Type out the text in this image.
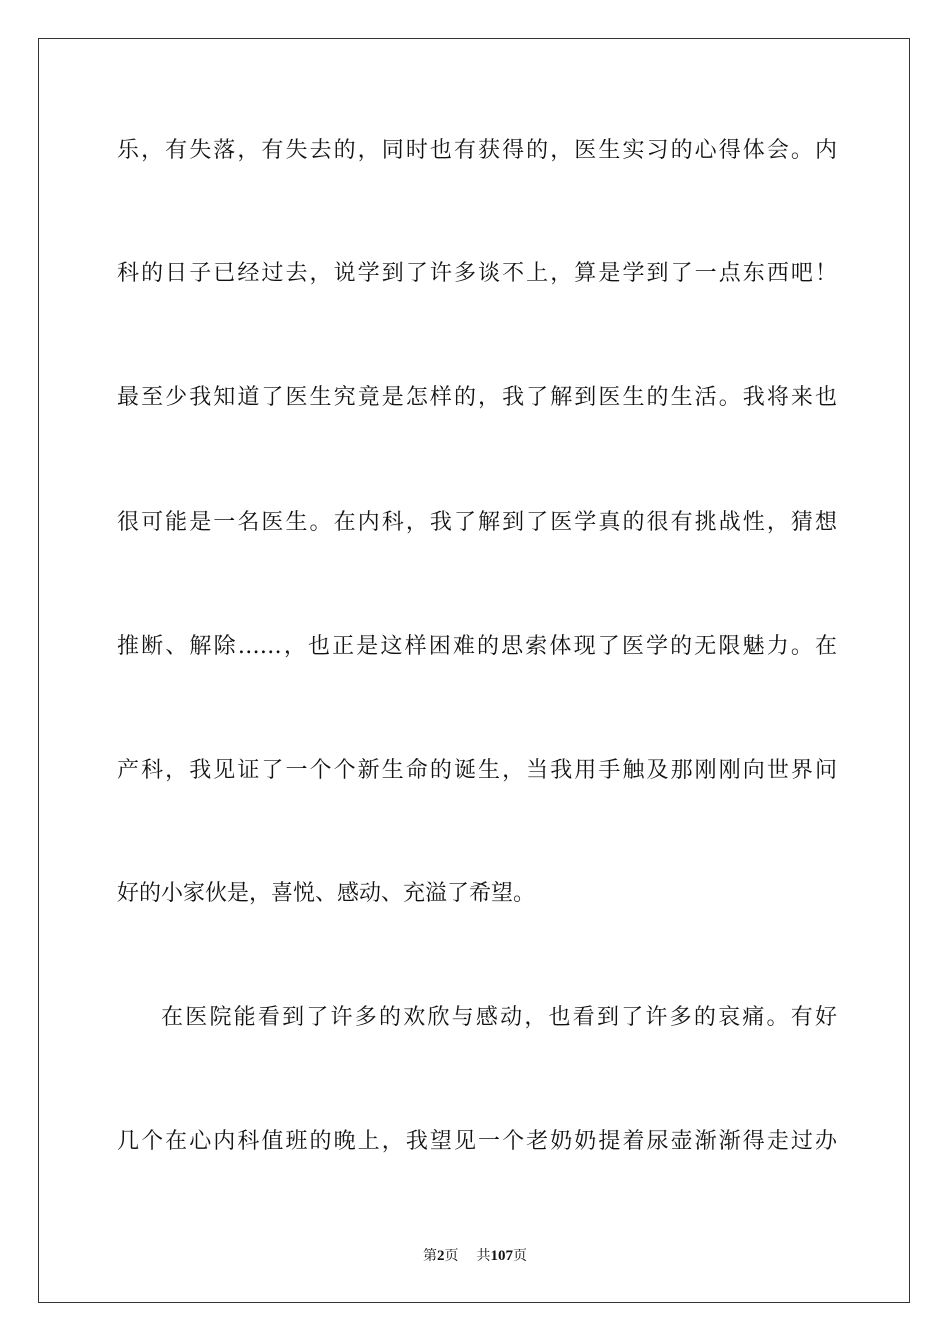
乐，有失落，有失去的，同时也有获得的，医生实习的心得体会。内
科的日子已经过去，说学到了许多谈不上，算是学到了一点东西吧！
最至少我知道了医生究竟是怎样的，我了解到医生的生活。我将来也
很可能是一名医生。在内科，我了解到了医学真的很有挑战性，猜想
推断、解除……，也正是这样困难的思索体现了医学的无限魅力。在
产科，我见证了一个个新生命的诞生，当我用手触及那刚刚向世界问
好的小家伙是，喜悦、感动、充溢了希望。
在医院能看到了许多的欢欣与感动，也看到了许多的哀痛。有好
几个在心内科值班的晚上，我望见一个老奶奶提着尿壶渐渐得走过办
第2页 共107页
